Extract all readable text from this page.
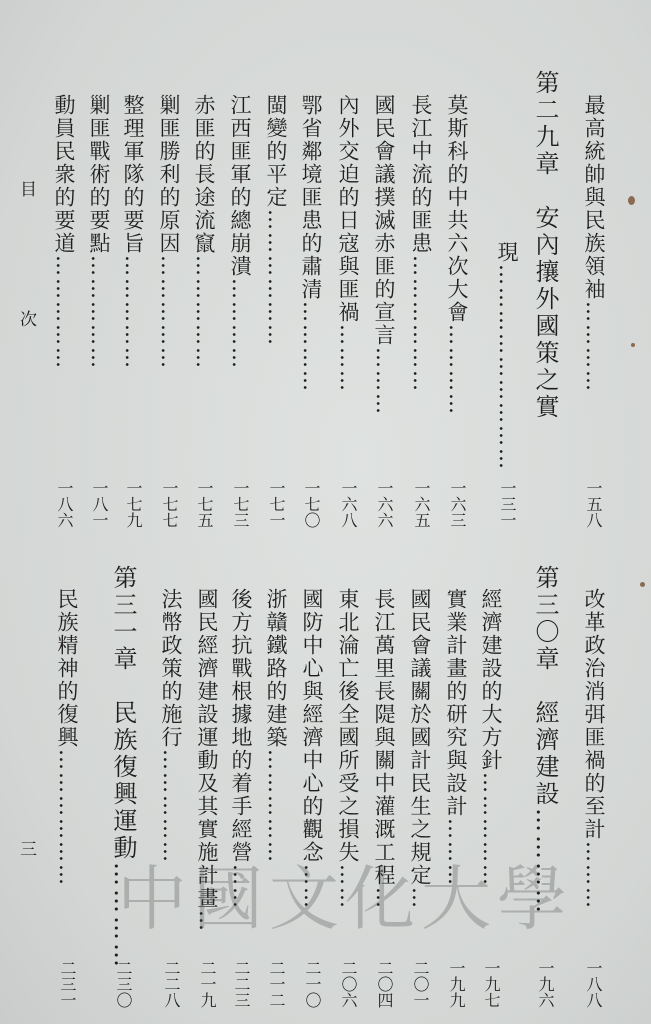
最高統帥與民族領袖…………
一五八
第二九章　安內攘外國策之實
　現………………………
一三一
莫斯科的中共六次大會…………
一六三
長江中流的匪患………………
一六五
國民會議撲滅赤匪的宣言………
一六六
內外交迫的日寇與匪禍………
一六八
鄂省鄰境匪患的肅清…………
一七〇
閩變的平定………………
一七一
江西匪軍的總崩潰…………
一七三
赤匪的長途流竄……………
一七五
剿匪勝利的原因……………
一七七
整理軍隊的要旨……………
一七九
剿匪戰術的要點……………
一八一
動員民衆的要道……………
一八六
改革政治消弭匪禍的至計………
一八八
第三〇章　經濟建設…………
一九六
經濟建設的大方針……………
一九七
實業計畫的研究與設計………
一九九
國民會議關於國計民生之規定…
二〇一
長江萬里長隄與關中灌溉工程…
二〇四
東北淪亡後全國所受之損失……
二〇六
國防中心與經濟中心的觀念……
二一〇
浙贛鐵路的建築……………
二一二
後方抗戰根據地的着手經營……
二二三
國民經濟建設運動及其實施計畫…
二一九
法幣政策的施行……………
二二八
第三一章　民族復興運動…………
二三〇
民族精神的復興………………
二三一
目　次
三
中國文化大學
